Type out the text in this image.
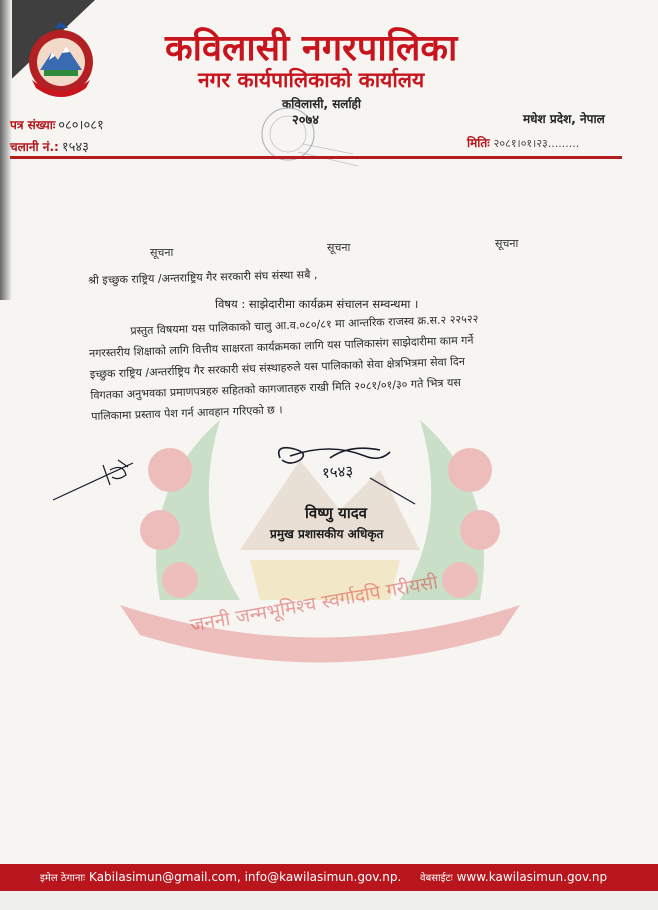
कविलासी नगरपालिका
नगर कार्यपालिकाको कार्यालय
कविलासी, सर्लाही
२०७४	मधेश प्रदेश, नेपाल
पत्र संख्याः ०८०।०८१
चलानी नं.: १५४३	मितिः २०८१।०१।२३.........
सूचना	सूचना	सूचना
श्री इच्छुक राष्ट्रिय /अन्तराष्ट्रिय गैर सरकारी संघ संस्था सबै ,
विषय : साझेदारीमा कार्यक्रम संचालन सम्वन्धमा ।
प्रस्तुत विषयमा यस पालिकाको चालु आ.व.०८०/८१ मा आन्तरिक राजस्व क्र.स.२ २२५२२
नगरस्तरीय शिक्षाको लागि वित्तीय साक्षरता कार्यक्रमका लागि यस पालिकासंग साझेदारीमा काम गर्ने
इच्छुक राष्ट्रिय /अन्तर्राष्ट्रिय गैर सरकारी संघ संस्थाहरुले यस पालिकाको सेवा क्षेत्रभित्रमा सेवा दिन
विगतका अनुभवका प्रमाणपत्रहरु सहितको कागजातहरु राखी मिति २०८१/०१/३० गते भित्र यस
पालिकामा प्रस्ताव पेश गर्न आवहान गरिएको छ ।
१५४३
विष्णु यादव
प्रमुख प्रशासकीय अधिकृत
जननी जन्मभूमिश्च स्वर्गादपि गरीयसी
इमेल ठेगानाः Kabilasimun@gmail.com, info@kawilasimun.gov.np. वेबसाईटः www.kawilasimun.gov.np
